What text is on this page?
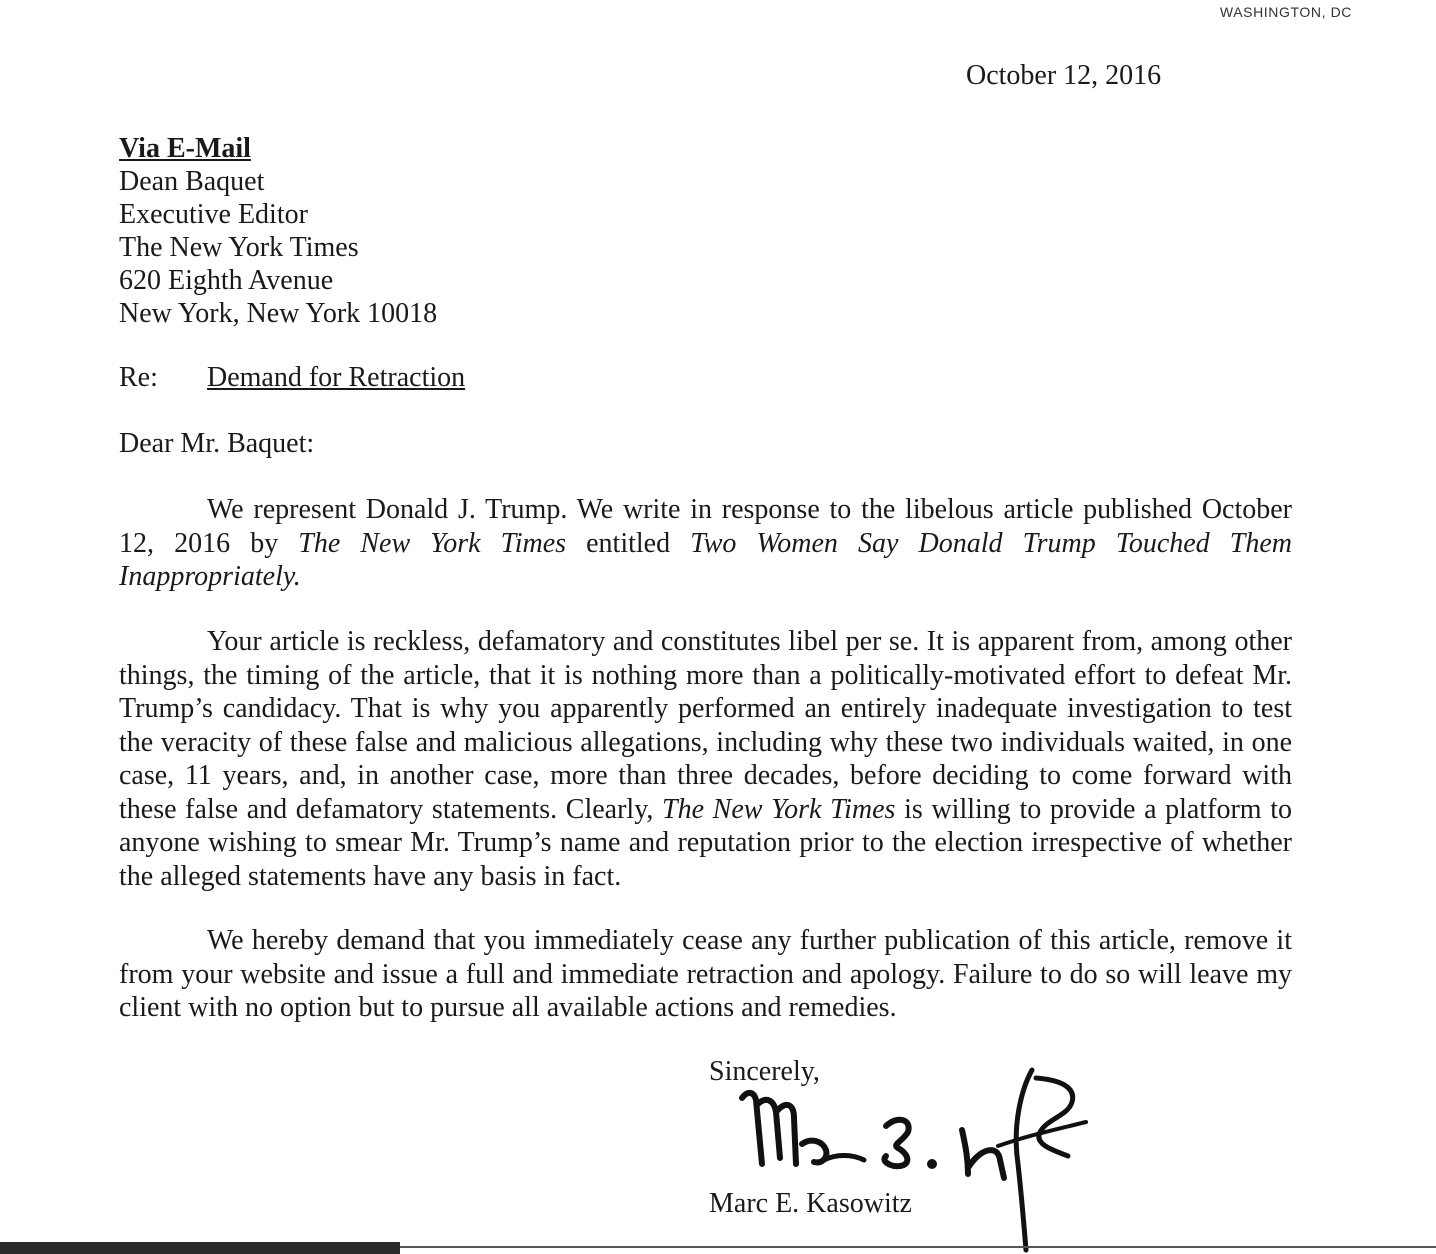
WASHINGTON, DC
October 12, 2016
Via E-Mail
Dean Baquet
Executive Editor
The New York Times
620 Eighth Avenue
New York, New York 10018
Re: Demand for Retraction
Dear Mr. Baquet:
We represent Donald J. Trump. We write in response to the libelous article published October 12, 2016 by The New York Times entitled Two Women Say Donald Trump Touched Them Inappropriately.
Your article is reckless, defamatory and constitutes libel per se. It is apparent from, among other things, the timing of the article, that it is nothing more than a politically-motivated effort to defeat Mr. Trump’s candidacy. That is why you apparently performed an entirely inadequate investigation to test the veracity of these false and malicious allegations, including why these two individuals waited, in one case, 11 years, and, in another case, more than three decades, before deciding to come forward with these false and defamatory statements. Clearly, The New York Times is willing to provide a platform to anyone wishing to smear Mr. Trump’s name and reputation prior to the election irrespective of whether the alleged statements have any basis in fact.
We hereby demand that you immediately cease any further publication of this article, remove it from your website and issue a full and immediate retraction and apology. Failure to do so will leave my client with no option but to pursue all available actions and remedies.
Sincerely,
Marc E. Kasowitz
